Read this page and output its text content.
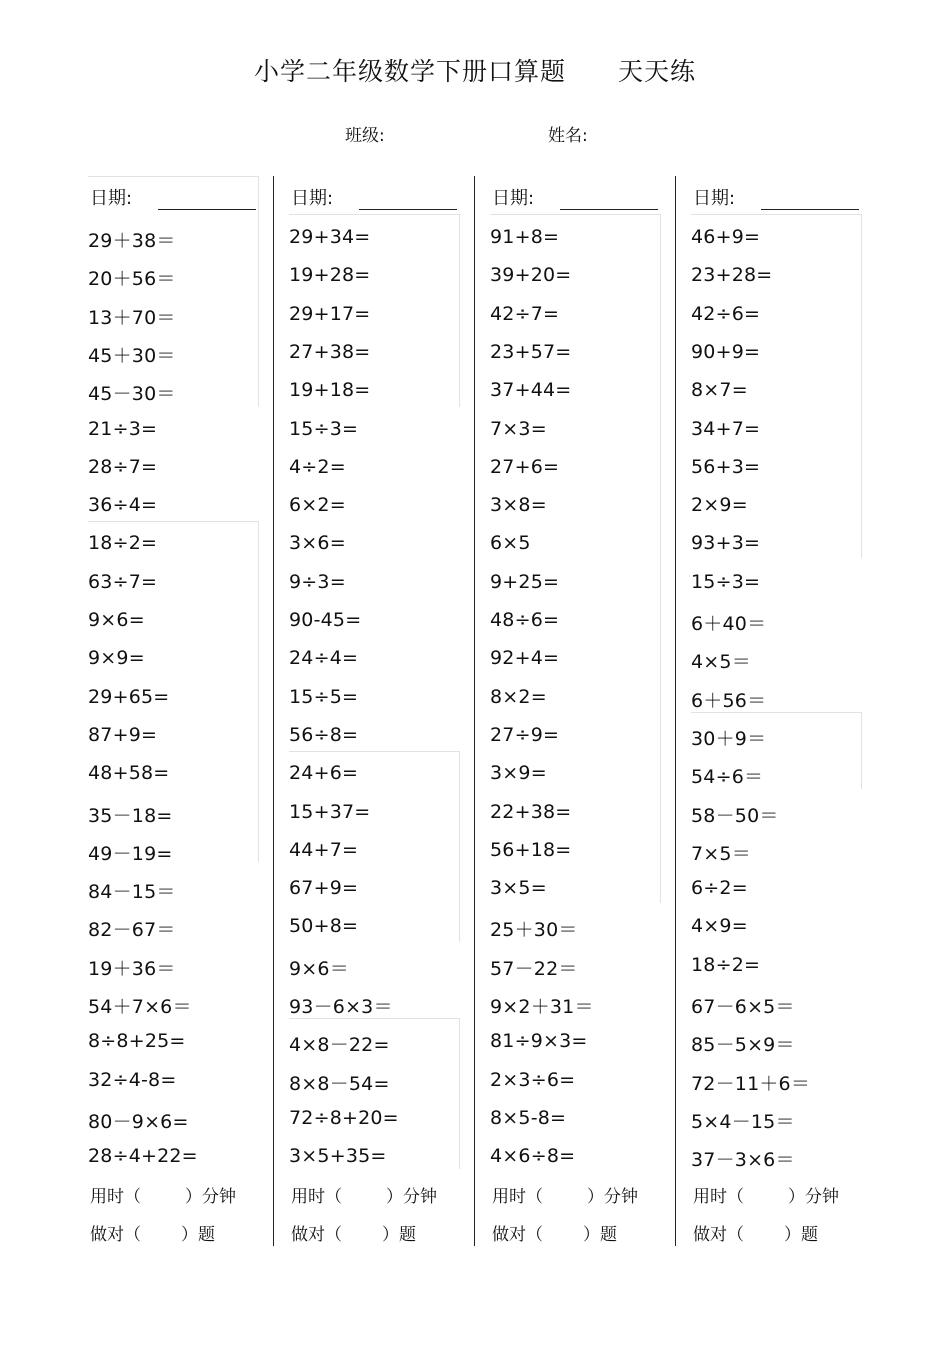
小学二年级数学下册口算题 天天练
班级:	姓名:
日期:
29＋38＝
20＋56＝
13＋70＝
45＋30＝
45－30＝
21÷3=
28÷7=
36÷4=
18÷2=
63÷7=
9×6=
9×9=
29+65=
87+9=
48+58=
35－18=
49－19=
84－15＝
82－67＝
19＋36＝
54＋7×6＝
8÷8+25=
32÷4-8=
80－9×6=
28÷4+22=
用时（	）分钟
做对（ ）题
日期:
29+34=
19+28=
29+17=
27+38=
19+18=
15÷3=
4÷2=
6×2=
3×6=
9÷3=
90-45=
24÷4=
15÷5=
56÷8=
24+6=
15+37=
44+7=
67+9=
50+8=
9×6＝
93－6×3＝
4×8－22=
8×8－54=
72÷8+20=
3×5+35=
用时（	）分钟
做对（ ）题
日期:
91+8=
39+20=
42÷7=
23+57=
37+44=
7×3=
27+6=
3×8=
6×5
9+25=
48÷6=
92+4=
8×2=
27÷9=
3×9=
22+38=
56+18=
3×5=
25＋30＝
57－22＝
9×2＋31＝
81÷9×3=
2×3÷6=
8×5-8=
4×6÷8=
用时（	）分钟
做对（ ）题
日期:
46+9=
23+28=
42÷6=
90+9=
8×7=
34+7=
56+3=
2×9=
93+3=
15÷3=
6＋40＝
4×5＝
6＋56＝
30＋9＝
54÷6＝
58－50＝
7×5＝
6÷2=
4×9=
18÷2=
67－6×5＝
85－5×9＝
72－11＋6＝
5×4－15＝
37－3×6＝
用时（	）分钟
做对（ ）题
